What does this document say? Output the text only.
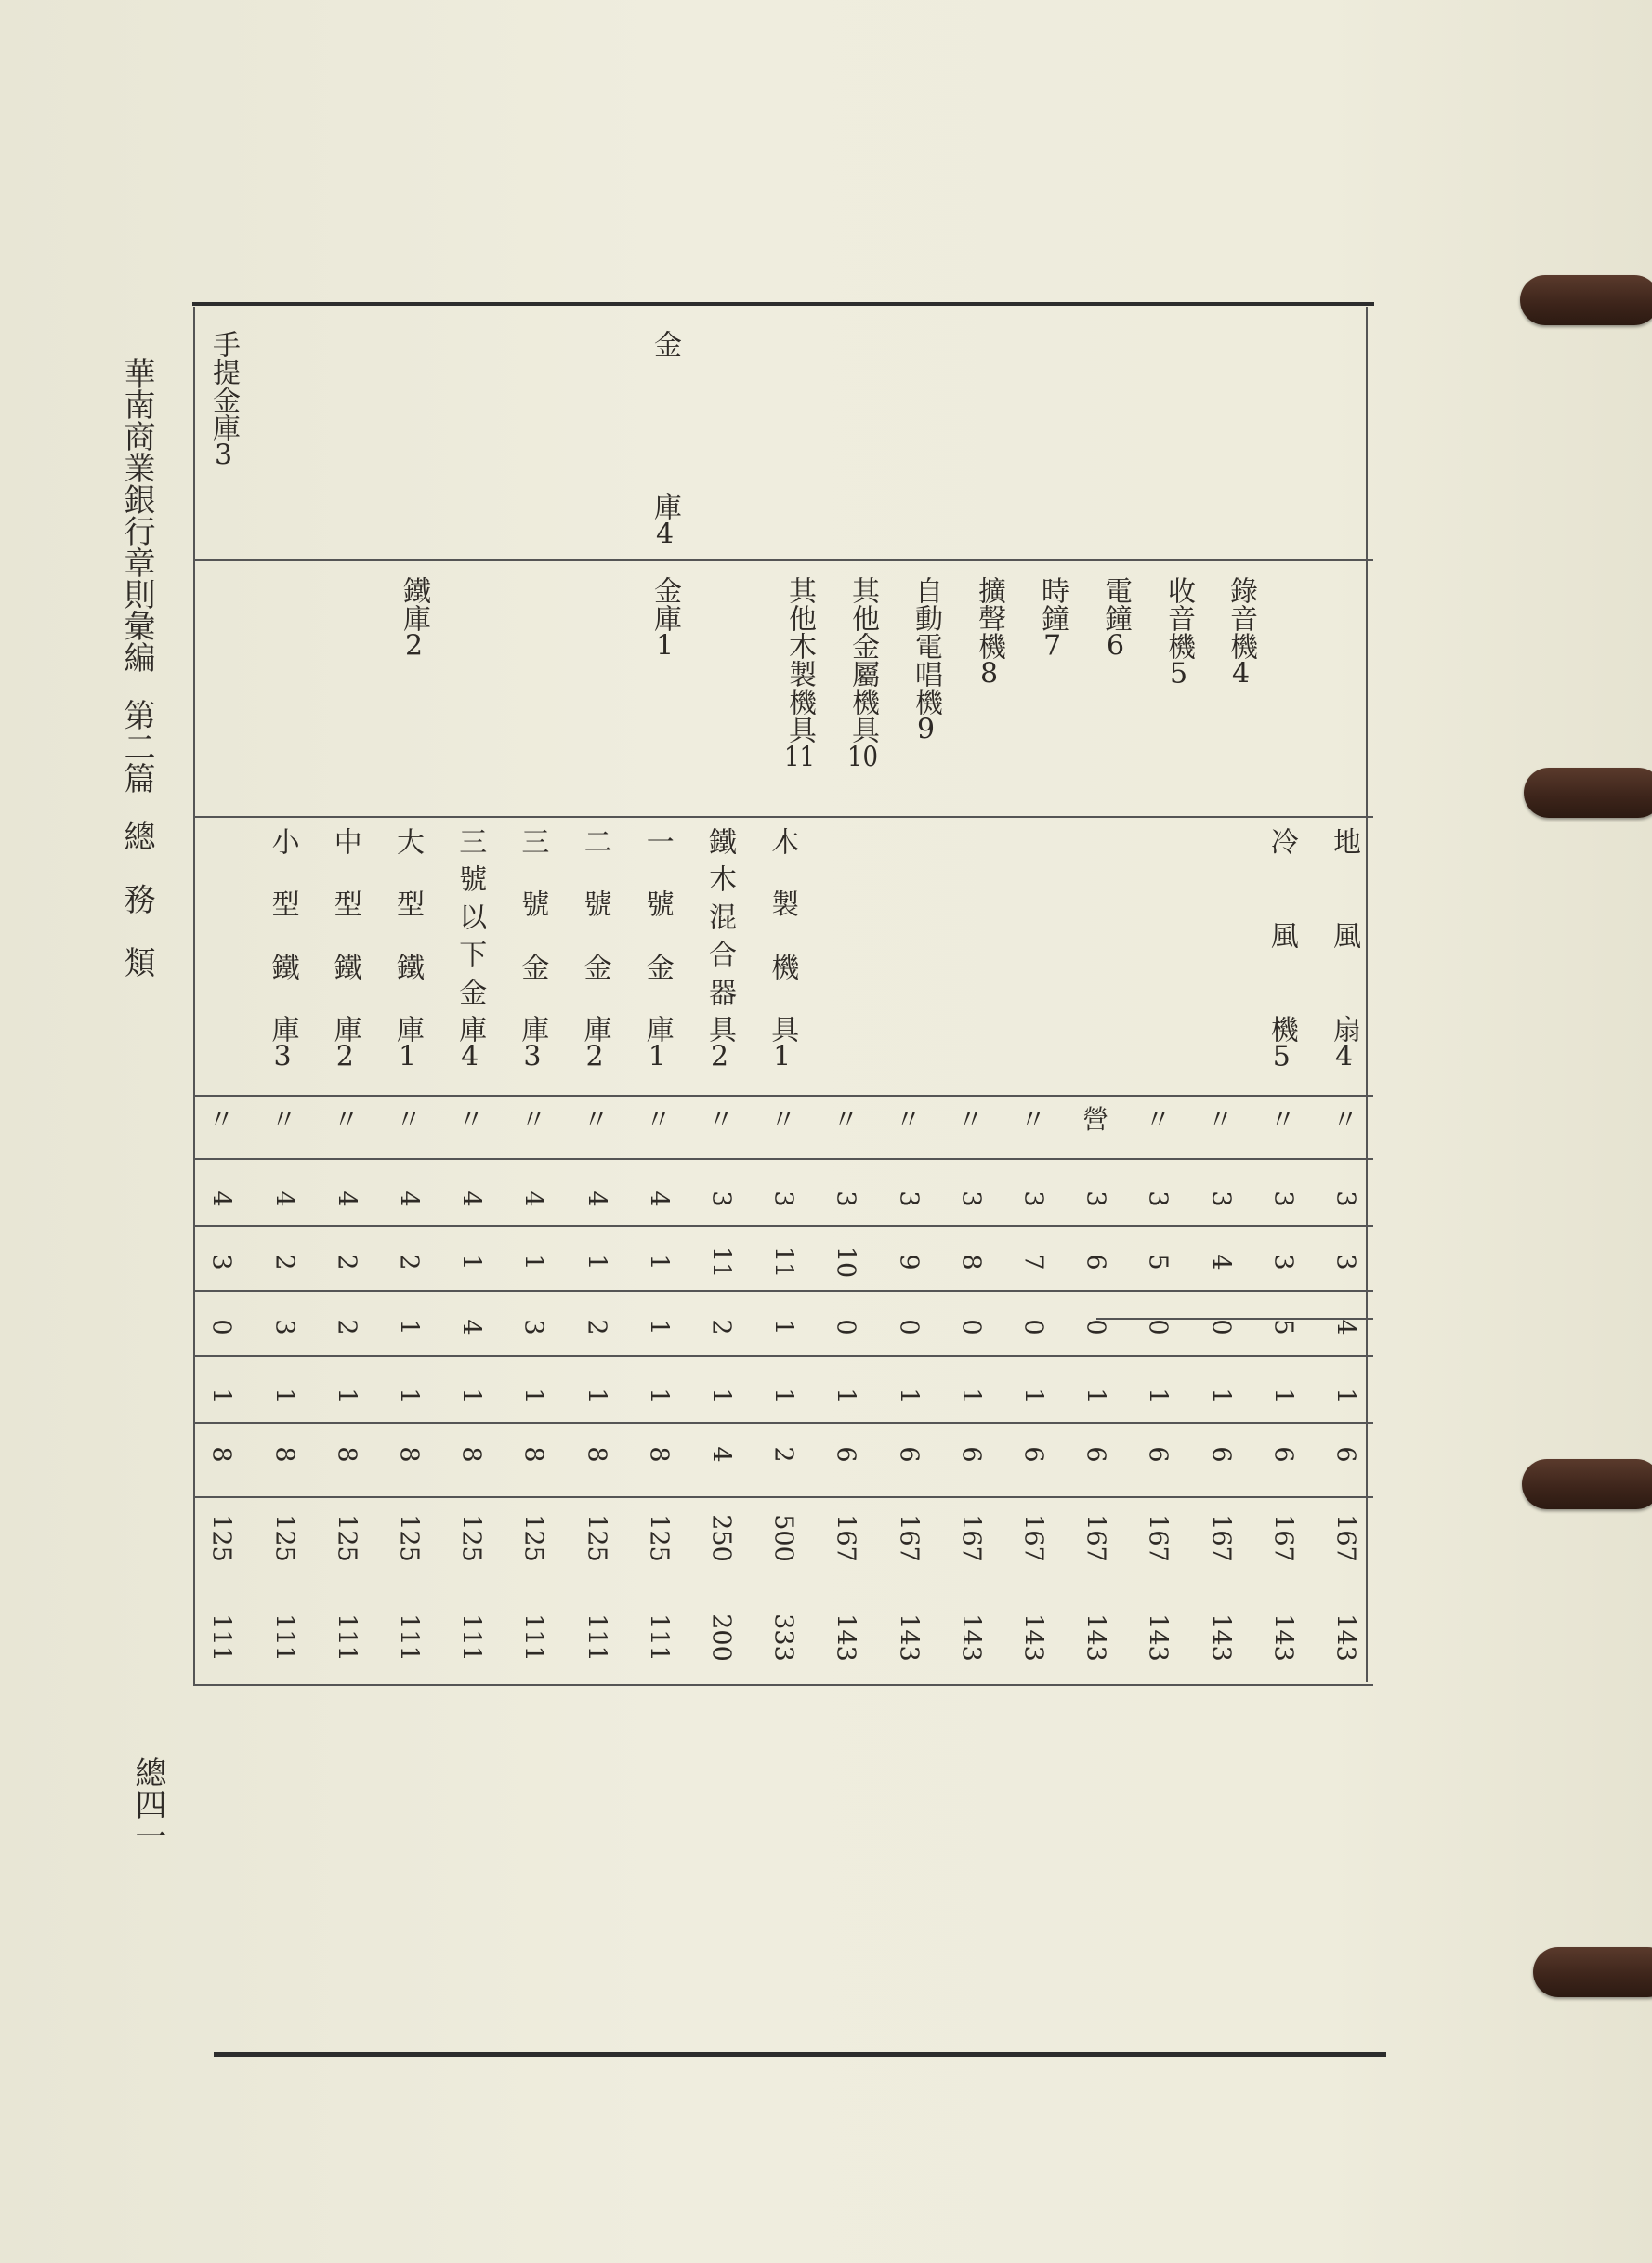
華南商業銀行章則彙編第二篇總　務　類
總四一
手提金庫3
金
庫4
錄音機4
收音機5
電鐘6
時鐘7
擴聲機8
自動電唱機9
其他金屬機具10
其他木製機具11
金庫1
鐵庫2
地
風
扇4
冷
風
機5
木
製
機
具1
鐵
木
混
合
器
具2
一
號
金
庫1
二
號
金
庫2
三
號
金
庫3
三
號
以
下
金
庫4
大
型
鐵
庫1
中
型
鐵
庫2
小
型
鐵
庫3
〃
3
3
4
1
6
167
143
〃
3
3
5
1
6
167
143
〃
3
4
0
1
6
167
143
〃
3
5
0
1
6
167
143
營
3
6
0
1
6
167
143
〃
3
7
0
1
6
167
143
〃
3
8
0
1
6
167
143
〃
3
9
0
1
6
167
143
〃
3
10
0
1
6
167
143
〃
3
11
1
1
2
500
333
〃
3
11
2
1
4
250
200
〃
4
1
1
1
8
125
111
〃
4
1
2
1
8
125
111
〃
4
1
3
1
8
125
111
〃
4
1
4
1
8
125
111
〃
4
2
1
1
8
125
111
〃
4
2
2
1
8
125
111
〃
4
2
3
1
8
125
111
〃
4
3
0
1
8
125
111
